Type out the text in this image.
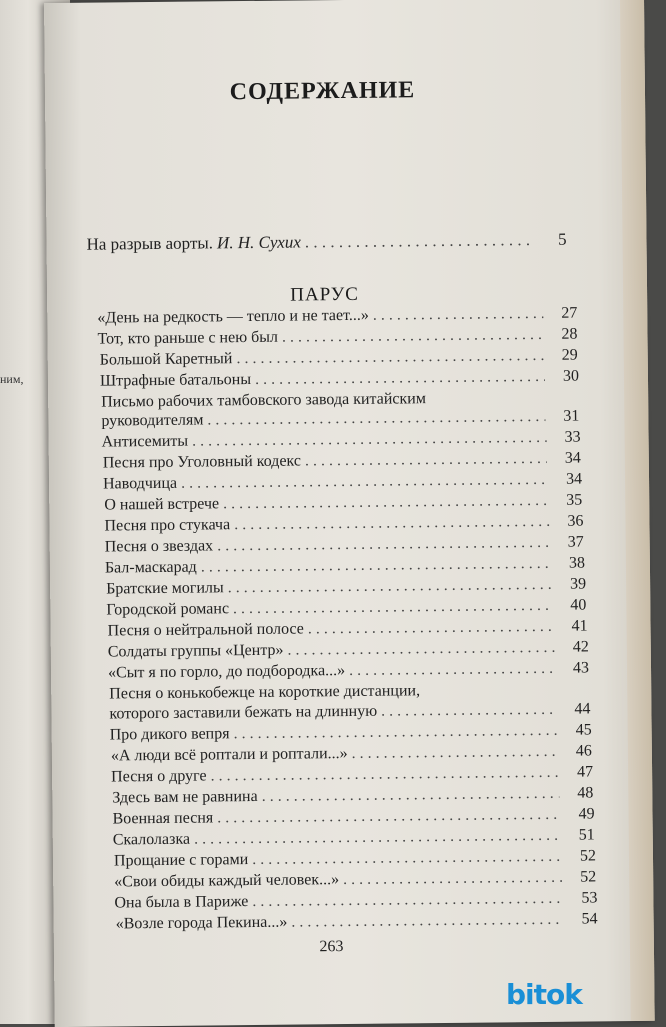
ним,
СОДЕРЖАНИЕ
На разрыв аорты. И. Н. Сухих . . .	5
ПАРУС
«День на редкость — тепло и не тает...» . . .	27
Тот, кто раньше с нею был . . .	28
Большой Каретный . . .	29
Штрафные батальоны . . .	30
Письмо рабочих тамбовского завода китайским
руководителям . . .	31
Антисемиты . . .	33
Песня про Уголовный кодекс . . .	34
Наводчица . . .	34
О нашей встрече . . .	35
Песня про стукача . . .	36
Песня о звездах . . .	37
Бал-маскарад . . .	38
Братские могилы . . .	39
Городской романс . . .	40
Песня о нейтральной полосе . . .	41
Солдаты группы «Центр» . . .	42
«Сыт я по горло, до подбородка...» . . .	43
Песня о конькобежце на короткие дистанции,
которого заставили бежать на длинную . . .	44
Про дикого вепря . . .	45
«А люди всё роптали и роптали...» . . .	46
Песня о друге . . .	47
Здесь вам не равнина . . .	48
Военная песня . . .	49
Скалолазка . . .	51
Прощание с горами . . .	52
«Свои обиды каждый человек...» . . .	52
Она была в Париже . . .	53
«Возле города Пекина...» . . .	54
263
bitok
